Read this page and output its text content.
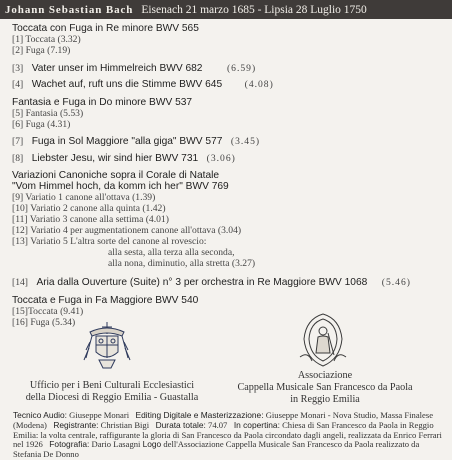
Johann Sebastian Bach Eisenach 21 marzo 1685 - Lipsia 28 Luglio 1750
Toccata con Fuga in Re minore BWV 565
[1] Toccata (3.32)
[2] Fuga (7.19)
[3] Vater unser im Himmelreich BWV 682	(6.59)
[4] Wachet auf, ruft uns die Stimme BWV 645 (4.08)
Fantasia e Fuga in Do minore BWV 537
[5] Fantasia (5.53)
[6] Fuga (4.31)
[7] Fuga in Sol Maggiore "alla giga" BWV 577 (3.45)
[8] Liebster Jesu, wir sind hier BWV 731 (3.06)
Variazioni Canoniche sopra il Corale di Natale
"Vom Himmel hoch, da komm ich her" BWV 769
[9] Variatio 1 canone all'ottava (1.39)
[10] Variatio 2 canone alla quinta (1.42)
[11] Variatio 3 canone alla settima (4.01)
[12] Variatio 4 per augmentationem canone all'ottava (3.04)
[13] Variatio 5 L'altra sorte del canone al rovescio:
alla sesta, alla terza alla seconda,
alla nona, diminutio, alla stretta (3.27)
[14] Aria dalla Ouverture (Suite) n° 3 per orchestra in Re Maggiore BWV 1068 (5.46)
Toccata e Fuga in Fa Maggiore BWV 540
[15]Toccata (9.41)
[16] Fuga (5.34)
Ufficio per i Beni Culturali Ecclesiastici
della Diocesi di Reggio Emilia - Guastalla
Associazione
Cappella Musicale San Francesco da Paola
in Reggio Emilia
Tecnico Audio: Giuseppe Monari Editing Digitale e Masterizzazione: Giuseppe Monari - Nova Studio, Massa Finalese (Modena) Registrante: Christian Bigi Durata totale: 74.07 In copertina: Chiesa di San Francesco da Paola in Reggio Emilia: la volta centrale, raffigurante la gloria di San Francesco da Paola circondato dagli angeli, realizzata da Enrico Ferrari nel 1926 Fotografia: Dario Lasagni Logo dell'Associazione Cappella Musicale San Francesco da Paola realizzato da Stefania De Donno
